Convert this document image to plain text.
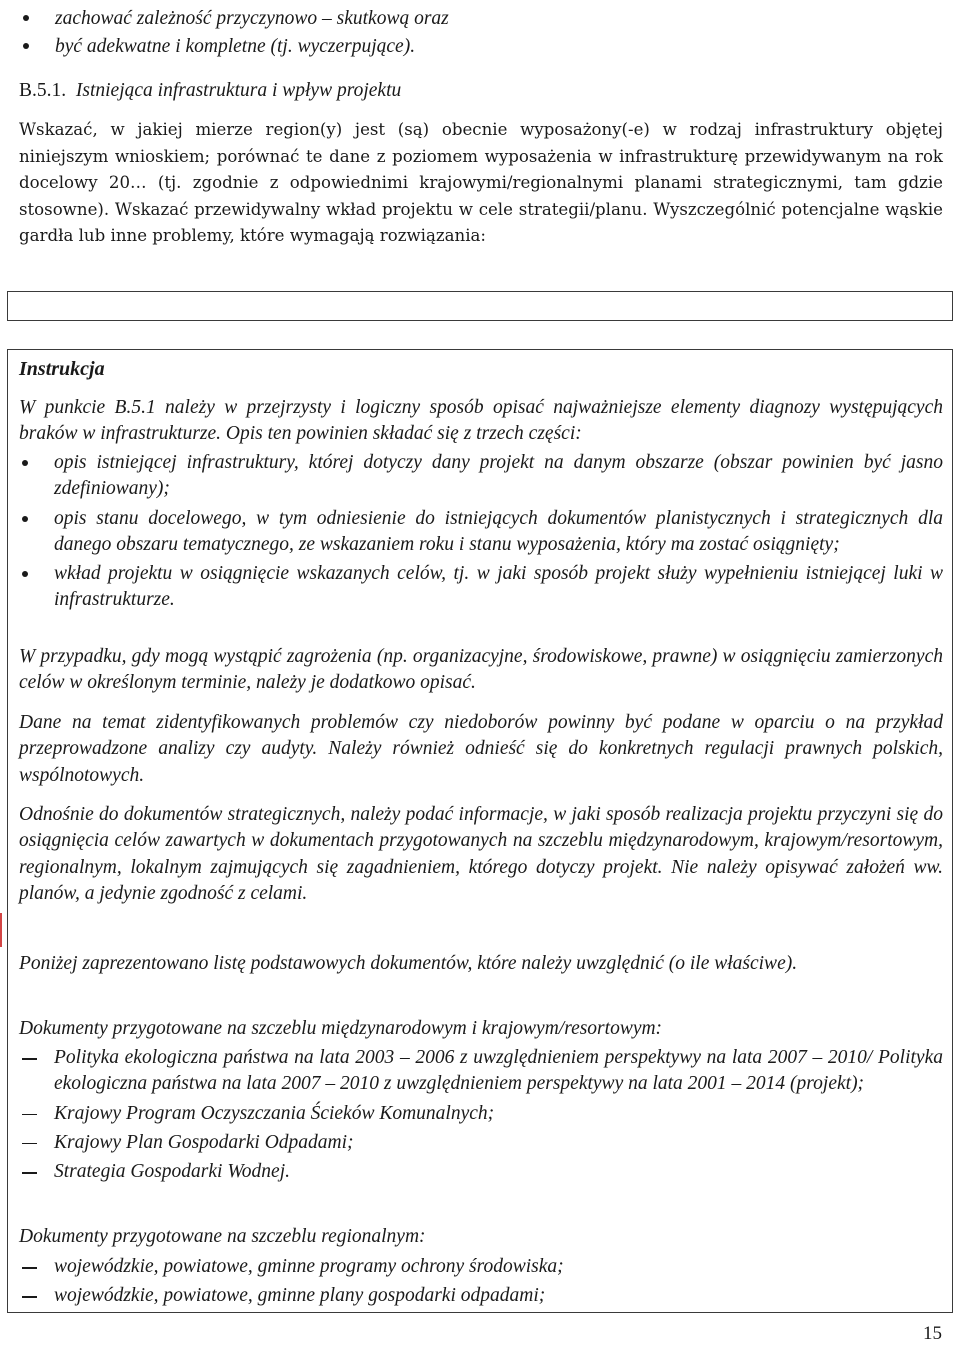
zachować zależność przyczynowo – skutkową oraz
być adekwatne i kompletne (tj. wyczerpujące).
B.5.1. Istniejąca infrastruktura i wpływ projektu

Wskazać, w jakiej mierze region(y) jest (są) obecnie wyposażony(-e) w rodzaj infrastruktury objętej niniejszym wnioskiem; porównać te dane z poziomem wyposażenia w infrastrukturę przewidywanym na rok docelowy 20… (tj. zgodnie z odpowiednimi krajowymi/regionalnymi planami strategicznymi, tam gdzie stosowne). Wskazać przewidywalny wkład projektu w cele strategii/planu. Wyszczególnić potencjalne wąskie gardła lub inne problemy, które wymagają rozwiązania:

Instrukcja

W punkcie B.5.1 należy w przejrzysty i logiczny sposób opisać najważniejsze elementy diagnozy występujących braków w infrastrukturze. Opis ten powinien składać się z trzech części:

opis istniejącej infrastruktury, której dotyczy dany projekt na danym obszarze (obszar powinien być jasno zdefiniowany);
opis stanu docelowego, w tym odniesienie do istniejących dokumentów planistycznych i strategicznych dla danego obszaru tematycznego, ze wskazaniem roku i stanu wyposażenia, który ma zostać osiągnięty;
wkład projektu w osiągnięcie wskazanych celów, tj. w jaki sposób projekt służy wypełnieniu istniejącej luki w infrastrukturze.

W przypadku, gdy mogą wystąpić zagrożenia (np. organizacyjne, środowiskowe, prawne) w osiągnięciu zamierzonych celów w określonym terminie, należy je dodatkowo opisać.

Dane na temat zidentyfikowanych problemów czy niedoborów powinny być podane w oparciu o na przykład przeprowadzone analizy czy audyty. Należy również odnieść się do konkretnych regulacji prawnych polskich, wspólnotowych.

Odnośnie do dokumentów strategicznych, należy podać informacje, w jaki sposób realizacja projektu przyczyni się do osiągnięcia celów zawartych w dokumentach przygotowanych na szczeblu międzynarodowym, krajowym/resortowym, regionalnym, lokalnym zajmujących się zagadnieniem, którego dotyczy projekt. Nie należy opisywać założeń ww. planów, a jedynie zgodność z celami.

Poniżej zaprezentowano listę podstawowych dokumentów, które należy uwzględnić (o ile właściwe).

Dokumenty przygotowane na szczeblu międzynarodowym i krajowym/resortowym:
Polityka ekologiczna państwa na lata 2003 – 2006 z uwzględnieniem perspektywy na lata 2007 – 2010/ Polityka ekologiczna państwa na lata 2007 – 2010 z uwzględnieniem perspektywy na lata 2001 – 2014 (projekt);
Krajowy Program Oczyszczania Ścieków Komunalnych;
Krajowy Plan Gospodarki Odpadami;
Strategia Gospodarki Wodnej.
Dokumenty przygotowane na szczeblu regionalnym:
wojewódzkie, powiatowe, gminne programy ochrony środowiska;
wojewódzkie, powiatowe, gminne plany gospodarki odpadami;
15
